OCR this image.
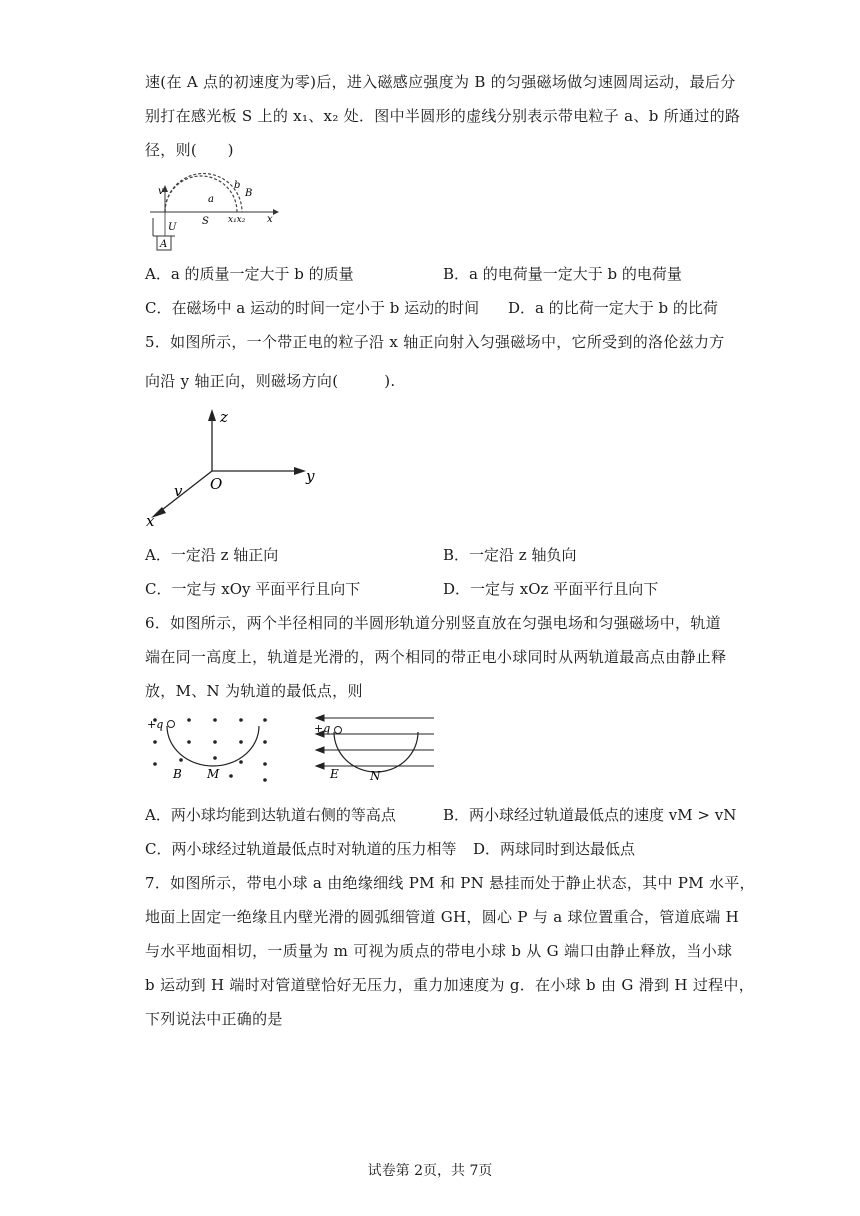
速(在 A 点的初速度为零)后，进入磁感应强度为 B 的匀强磁场做匀速圆周运动，最后分
别打在感光板 S 上的 x₁、x₂ 处．图中半圆形的虚线分别表示带电粒子 a、b 所通过的路
径，则(　　)
v
b
a
B
S x₁x₂ x
U
A
A．a 的质量一定大于 b 的质量	B．a 的电荷量一定大于 b 的电荷量
C．在磁场中 a 运动的时间一定小于 b 运动的时间 D．a 的比荷一定大于 b 的比荷
5．如图所示，一个带正电的粒子沿 x 轴正向射入匀强磁场中，它所受到的洛伦兹力方
向沿 y 轴正向，则磁场方向(　　　).
z
y
x
v O
A．一定沿 z 轴正向	B．一定沿 z 轴负向
C．一定与 xOy 平面平行且向下	D．一定与 xOz 平面平行且向下
6．如图所示，两个半径相同的半圆形轨道分别竖直放在匀强电场和匀强磁场中，轨道
端在同一高度上，轨道是光滑的，两个相同的带正电小球同时从两轨道最高点由静止释
放，M、N 为轨道的最低点，则
+q
B M
+q
E	N
A．两小球均能到达轨道右侧的等高点	B．两小球经过轨道最低点的速度 vM > vN
C．两小球经过轨道最低点时对轨道的压力相等 D．两球同时到达最低点
7．如图所示，带电小球 a 由绝缘细线 PM 和 PN 悬挂而处于静止状态，其中 PM 水平，
地面上固定一绝缘且内壁光滑的圆弧细管道 GH，圆心 P 与 a 球位置重合，管道底端 H
与水平地面相切，一质量为 m 可视为质点的带电小球 b 从 G 端口由静止释放，当小球
b 运动到 H 端时对管道壁恰好无压力，重力加速度为 g．在小球 b 由 G 滑到 H 过程中，
下列说法中正确的是
试卷第 2页，共 7页
